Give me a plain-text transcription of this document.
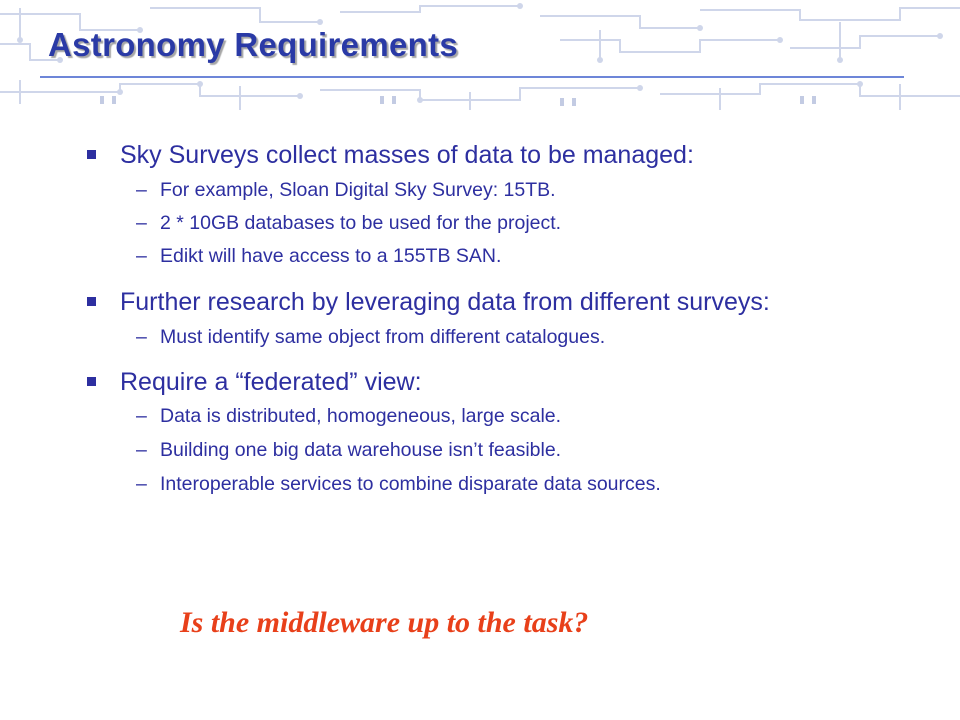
Astronomy Requirements

Sky Surveys collect masses of data to be managed:

– For example, Sloan Digital Sky Survey: 15TB.

– 2 * 10GB databases to be used for the project.

– Edikt will have access to a 155TB SAN.

Further research by leveraging data from different surveys:

– Must identify same object from different catalogues.

Require a “federated” view:

– Data is distributed, homogeneous, large scale.

– Building one big data warehouse isn’t feasible.

– Interoperable services to combine disparate data sources.

Is the middleware up to the task?
